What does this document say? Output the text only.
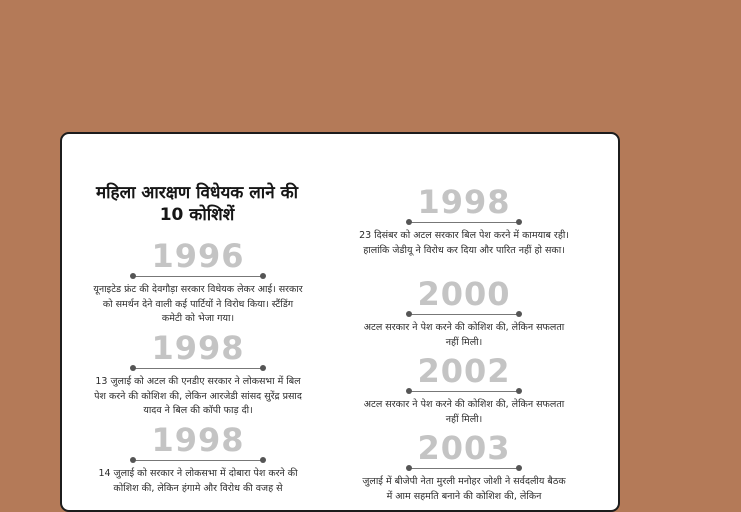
महिला आरक्षण विधेयक लाने की 10 कोशिशें
1996
यूनाइटेड फ्रंट की देवगौड़ा सरकार विधेयक लेकर आई। सरकार को समर्थन देने वाली कई पार्टियों ने विरोध किया। स्टैंडिंग कमेटी को भेजा गया।
1998
13 जुलाई को अटल की एनडीए सरकार ने लोकसभा में बिल पेश करने की कोशिश की, लेकिन आरजेडी सांसद सुरेंद्र प्रसाद यादव ने बिल की कॉपी फाड़ दी।
1998
14 जुलाई को सरकार ने लोकसभा में दोबारा पेश करने की कोशिश की, लेकिन हंगामे और विरोध की वजह से
1998
23 दिसंबर को अटल सरकार बिल पेश करने में कामयाब रही। हालांकि जेडीयू ने विरोध कर दिया और पारित नहीं हो सका।
2000
अटल सरकार ने पेश करने की कोशिश की, लेकिन सफलता नहीं मिली।
2002
अटल सरकार ने पेश करने की कोशिश की, लेकिन सफलता नहीं मिली।
2003
जुलाई में बीजेपी नेता मुरली मनोहर जोशी ने सर्वदलीय बैठक में आम सहमति बनाने की कोशिश की, लेकिन
